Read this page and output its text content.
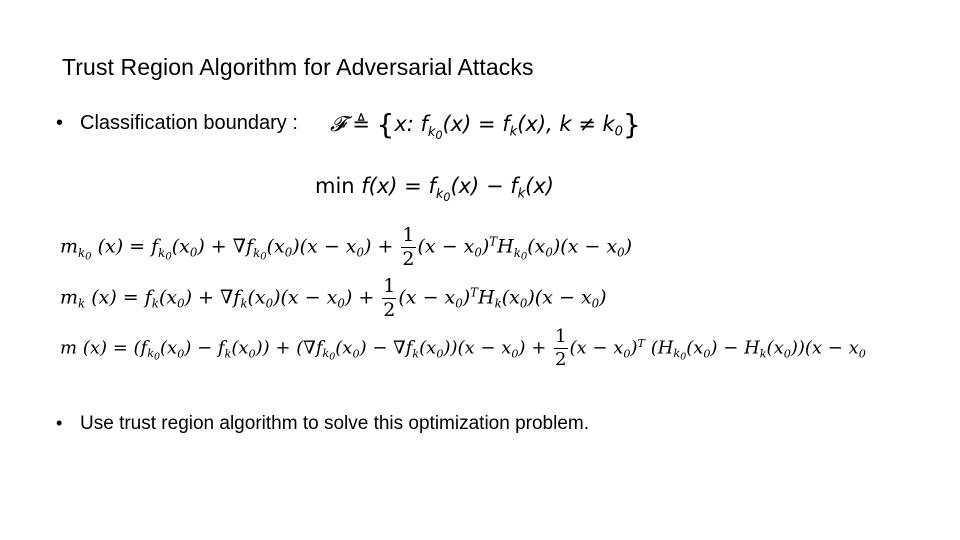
Trust Region Algorithm for Adversarial Attacks
• Classification boundary : 𝓕 ≜ {x: $f_{k_0}(x) = f_k(x)$, $k \ne k_0$}
$\min f(x) = f_{k_0}(x) - f_k(x)$
$m_{k_0}$ $(x) = f_{k_0}(x_0) + \nabla f_{k_0}(x_0)(x - x_0) + \frac{1}{2} (x - x_0)^TH_{k_0}(x_0)(x - x_0)$
$m_k$ $(x) = f_k(x_0) + \nabla f_k(x_0)(x - x_0) + \frac{1}{2} (x - x_0)^TH_k(x_0)(x - x_0)$
m $(x) = (f_{k_0}(x_0) - f_k(x_0)) + (\nabla f_{k_0}(x_0) - \nabla f_k(x_0))(x - x_0) + \frac{1}{2} (x - x_0)^T$ $(H_{k_0}(x_0) - H_k(x_0))(x - x_0$
• Use trust region algorithm to solve this optimization problem.
